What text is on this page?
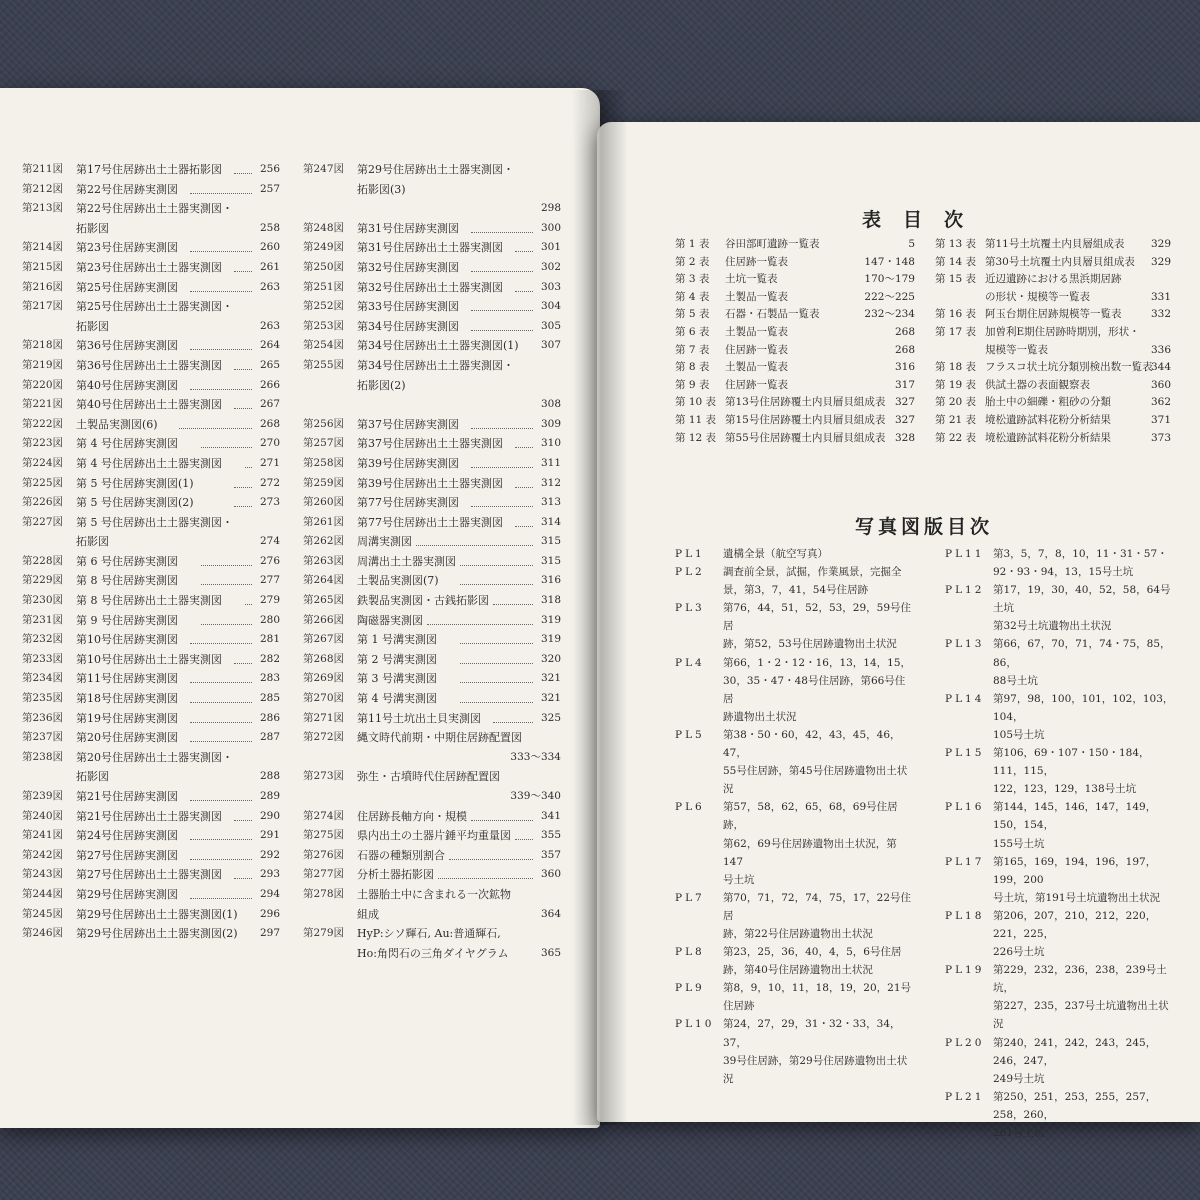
第211図 第17号住居跡出土土器拓影図	256
第212図 第22号住居跡実測図	257
第213図 第22号住居跡出土土器実測図・
拓影図	258
第214図 第23号住居跡実測図	260
第215図 第23号住居跡出土土器実測図	261
第216図 第25号住居跡実測図	263
第217図 第25号住居跡出土土器実測図・
拓影図	263
第218図 第36号住居跡実測図	264
第219図 第36号住居跡出土土器実測図	265
第220図 第40号住居跡実測図	266
第221図 第40号住居跡出土土器実測図	267
第222図 土製品実測図(6)	268
第223図 第 4 号住居跡実測図	270
第224図 第 4 号住居跡出土土器実測図	271
第225図 第 5 号住居跡実測図(1)	272
第226図 第 5 号住居跡実測図(2)	273
第227図 第 5 号住居跡出土土器実測図・
拓影図	274
第228図 第 6 号住居跡実測図	276
第229図 第 8 号住居跡実測図	277
第230図 第 8 号住居跡出土土器実測図	279
第231図 第 9 号住居跡実測図	280
第232図 第10号住居跡実測図	281
第233図 第10号住居跡出土土器実測図	282
第234図 第11号住居跡実測図	283
第235図 第18号住居跡実測図	285
第236図 第19号住居跡実測図	286
第237図 第20号住居跡実測図	287
第238図 第20号住居跡出土土器実測図・
拓影図	288
第239図 第21号住居跡実測図	289
第240図 第21号住居跡出土土器実測図	290
第241図 第24号住居跡実測図	291
第242図 第27号住居跡実測図	292
第243図 第27号住居跡出土土器実測図	293
第244図 第29号住居跡実測図	294
第245図 第29号住居跡出土土器実測図(1) 296
第246図 第29号住居跡出土土器実測図(2) 297
第247図 第29号住居跡出土土器実測図・
拓影図(3)
298
第248図 第31号住居跡実測図	300
第249図 第31号住居跡出土土器実測図	301
第250図 第32号住居跡実測図	302
第251図 第32号住居跡出土土器実測図	303
第252図 第33号住居跡実測図	304
第253図 第34号住居跡実測図	305
第254図 第34号住居跡出土土器実測図(1) 307
第255図 第34号住居跡出土土器実測図・
拓影図(2)
308
第256図 第37号住居跡実測図	309
第257図 第37号住居跡出土土器実測図	310
第258図 第39号住居跡実測図	311
第259図 第39号住居跡出土土器実測図	312
第260図 第77号住居跡実測図	313
第261図 第77号住居跡出土土器実測図	314
第262図 周溝実測図	315
第263図 周溝出土土器実測図	315
第264図 土製品実測図(7)	316
第265図 鉄製品実測図・古銭拓影図	318
第266図 陶磁器実測図	319
第267図 第 1 号溝実測図	319
第268図 第 2 号溝実測図	320
第269図 第 3 号溝実測図	321
第270図 第 4 号溝実測図	321
第271図 第11号土坑出土貝実測図	325
第272図 縄文時代前期・中期住居跡配置図
333～334
第273図 弥生・古墳時代住居跡配置図
339～340
第274図 住居跡長軸方向・規模	341
第275図 県内出土の土器片錘平均重量図	355
第276図 石器の種類別割合	357
第277図 分析土器拓影図	360
第278図 土器胎土中に含まれる一次鉱物
組成	364
第279図 HyP:シソ輝石, Au:普通輝石,
Ho:角閃石の三角ダイヤグラム	365
表目次
第 1 表 谷田部町遺跡一覧表	5
第 2 表 住居跡一覧表	147・148
第 3 表 土坑一覧表	170～179
第 4 表 土製品一覧表	222～225
第 5 表 石器・石製品一覧表	232～234
第 6 表 土製品一覧表	268
第 7 表 住居跡一覧表	268
第 8 表 土製品一覧表	316
第 9 表 住居跡一覧表	317
第 10 表 第13号住居跡覆土内貝層貝組成表 327
第 11 表 第15号住居跡覆土内貝層貝組成表 327
第 12 表 第55号住居跡覆土内貝層貝組成表 328
第 13 表 第11号土坑覆土内貝層組成表	329
第 14 表 第30号土坑覆土内貝層貝組成表 329
第 15 表 近辺遺跡における黒浜期居跡
の形状・規模等一覧表	331
第 16 表 阿玉台期住居跡規模等一覧表	332
第 17 表 加曽利E期住居跡時期別，形状・
規模等一覧表	336
第 18 表 フラスコ状土坑分類別検出数一覧表
344
第 19 表 供試土器の表面観察表	360
第 20 表 胎土中の細礫・粗砂の分類	362
第 21 表 境松遺跡試料花粉分析結果	371
第 22 表 境松遺跡試料花粉分析結果	373
写真図版目次
PL1 遺構全景（航空写真）
PL2 調査前全景，試掘，作業風景，完掘全
景，第3，7，41，54号住居跡
PL3 第76，44，51，52，53，29，59号住居
跡，第52，53号住居跡遺物出土状況
PL4 第66，1・2・12・16，13，14，15，
30，35・47・48号住居跡，第66号住居
跡遺物出土状況
PL5 第38・50・60，42，43，45，46，47，
55号住居跡，第45号住居跡遺物出土状
況
PL6 第57，58，62，65，68，69号住居跡，
第62，69号住居跡遺物出土状況，第147
号土坑
PL7 第70，71，72，74，75，17，22号住居
跡，第22号住居跡遺物出土状況
PL8 第23，25，36，40，4，5，6号住居
跡，第40号住居跡遺物出土状況
PL9 第8，9，10，11，18，19，20，21号
住居跡
PL10 第24，27，29，31・32・33，34，37，
39号住居跡，第29号住居跡遺物出土状
況
PL11 第3，5，7，8，10，11・31・57・
92・93・94，13，15号土坑
PL12 第17，19，30，40，52，58，64号土坑
第32号土坑遺物出土状況
PL13 第66，67，70，71，74・75，85，86，
88号土坑
PL14 第97，98，100，101，102，103，104，
105号土坑
PL15 第106，69・107・150・184，111，115，
122，123，129，138号土坑
PL16 第144，145，146，147，149，150，154，
155号土坑
PL17 第165，169，194，196，197，199，200
号土坑，第191号土坑遺物出土状況
PL18 第206，207，210，212，220，221，225，
226号土坑
PL19 第229，232，236，238，239号土坑，
第227，235，237号土坑遺物出土状況
PL20 第240，241，242，243，245，246，247，
249号土坑
PL21 第250，251，253，255，257，258，260，
261号土坑
